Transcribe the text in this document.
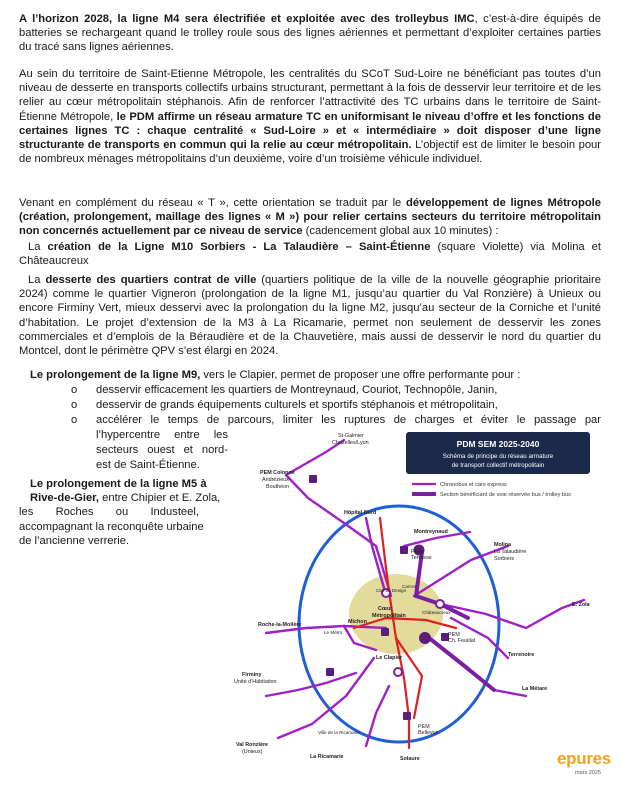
A l’horizon 2028, la ligne M4 sera électrifiée et exploitée avec des trolleybus IMC, c’est-à-dire équipés de batteries se rechargeant quand le trolley roule sous des lignes aériennes et permettant d’exploiter certaines parties du tracé sans lignes aériennes.
Au sein du territoire de Saint-Etienne Métropole, les centralités du SCoT Sud-Loire ne bénéficiant pas toutes d’un niveau de desserte en transports collectifs urbains structurant, permettant à la fois de desservir leur territoire et de les relier au cœur métropolitain stéphanois. Afin de renforcer l’attractivité des TC urbains dans le territoire de Saint-Étienne Métropole, le PDM affirme un réseau armature TC en uniformisant le niveau d’offre et les fonctions de certaines lignes TC : chaque centralité « Sud-Loire » et « intermédiaire » doit disposer d’une ligne structurante de transports en commun qui la relie au cœur métropolitain. L’objectif est de limiter le besoin pour de nombreux ménages métropolitains d’un deuxième, voire d’un troisième véhicule individuel.
Venant en complément du réseau « T », cette orientation se traduit par le développement de lignes Métropole (création, prolongement, maillage des lignes « M ») pour relier certains secteurs du territoire métropolitain non concernés actuellement par ce niveau de service (cadencement global aux 10 minutes) :
La création de la Ligne M10 Sorbiers - La Talaudière – Saint-Étienne (square Violette) via Molina et Châteaucreux
La desserte des quartiers contrat de ville (quartiers politique de la ville de la nouvelle géographie prioritaire 2024) comme le quartier Vigneron (prolongation de la ligne M1, jusqu’au quartier du Val Ronzière) à Unieux ou encore Firminy Vert, mieux desservi avec la prolongation du la ligne M2, jusqu’au secteur de la Corniche et l’unité d’habitation. Le projet d’extension de la M3 à La Ricamarie, permet non seulement de desservir les zones commerciales et d’emplois de la Béraudière et de la Chauvetière, mais aussi de desservir le nord du quartier du Montcel, dont le périmètre QPV s’est élargi en 2024.
Le prolongement de la ligne M9, vers le Clapier, permet de proposer une offre performante pour :
o desservir efficacement les quartiers de Montreynaud, Couriot, Technopôle, Janin,
o desservir de grands équipements culturels et sportifs stéphanois et métropolitain,
o accélérer le temps de parcours, limiter les ruptures de charges et éviter le passage par
l’hypercentre entre les
secteurs ouest et nord-
est de Saint-Étienne.
Le prolongement de la ligne M5 à
Rive-de-Gier, entre Chipier et E. Zola,
les Roches ou Industeel,
accompagnant la reconquête urbaine
de l’ancienne verrerie.
PDM SEM 2025-2040
Schéma de principe du réseau armature
de transport collectif métropolitain
Chronobus et cars express
Section bénéficiant de voie réservée bus / trolley bus
St-Galmier
Chazelles/Lyon
PEM Colonne
Andrézieux-
Bouthéon
Hôpital Nord
Montreynaud
PEM
Terrasse
Molina
La Talaudière
Sorbiers
Roche-la-Molière	Michon
Cœur
Métropolitain
PEM
Ch. Feuillat
E. Zola
Terrenoire
Le Clapier
Firminy
Unité d’Habitation
La Métare
Val Ronzière
(Unieux)
La Ricamarie
PEM
Bellevue
Solaure
Ville de la Ricamarie
Le Métro
Châteaucreux
Cité du Design
Carnot
epures
mars 2025
